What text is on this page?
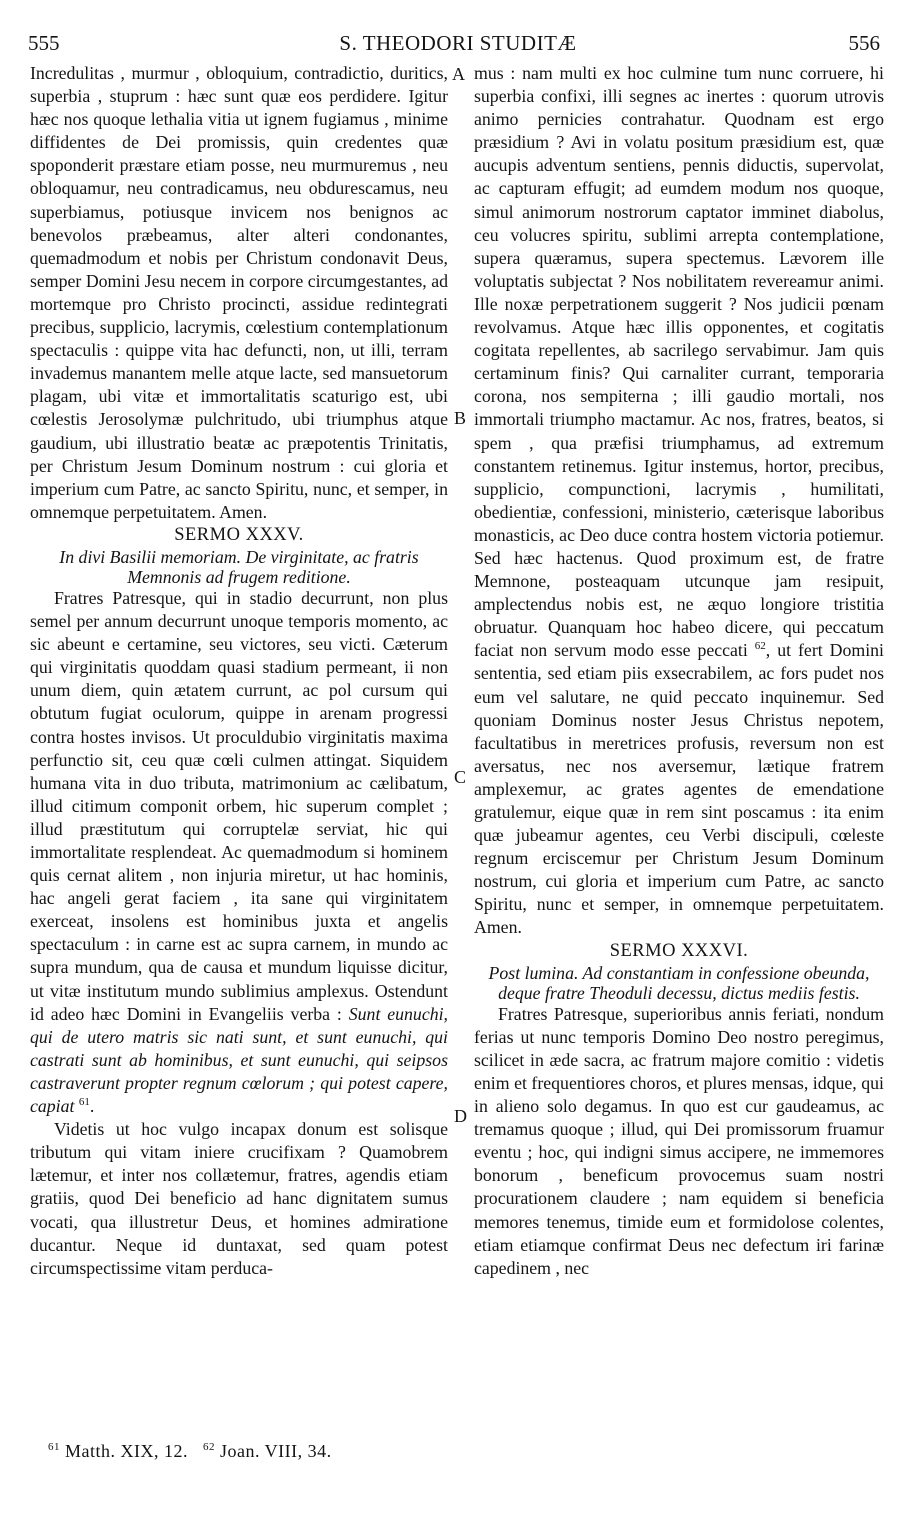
555	S. THEODORI STUDITÆ	556

Incredulitas , murmur , obloquium, contradictio, duritics, superbia , stuprum : hæc sunt quæ eos perdidere. Igitur hæc nos quoque lethalia vitia ut ignem fugiamus , minime diffidentes de Dei promissis, quin credentes quæ spoponderit præstare etiam posse, neu murmuremus , neu obloquamur, neu contradicamus, neu obdurescamus, neu superbiamus, potiusque invicem nos benignos ac benevolos præbeamus, alter alteri condonantes, quemadmodum et nobis per Christum condonavit Deus, semper Domini Jesu necem in corpore circumgestantes, ad mortemque pro Christo procincti, assidue redintegrati precibus, supplicio, lacrymis, cœlestium contemplationum spectaculis : quippe vita hac defuncti, non, ut illi, terram invademus manantem melle atque lacte, sed mansuetorum plagam, ubi vitæ et immortalitatis scaturigo est, ubi cœlestis Jerosolymæ pulchritudo, ubi triumphus atque gaudium, ubi illustratio beatæ ac præpotentis Trinitatis, per Christum Jesum Dominum nostrum : cui gloria et imperium cum Patre, ac sancto Spiritu, nunc, et semper, in omnemque perpetuitatem. Amen.

SERMO XXXV.

In divi Basilii memoriam. De virginitate, ac fratris Memnonis ad frugem reditione.

Fratres Patresque, qui in stadio decurrunt, non plus semel per annum decurrunt unoque temporis momento, ac sic abeunt e certamine, seu victores, seu victi. Cæterum qui virginitatis quoddam quasi stadium permeant, ii non unum diem, quin ætatem currunt, ac pol cursum qui obtutum fugiat oculorum, quippe in arenam progressi contra hostes invisos. Ut proculdubio virginitatis maxima perfunctio sit, ceu quæ cœli culmen attingat. Siquidem humana vita in duo tributa, matrimonium ac cælibatum, illud citimum componit orbem, hic superum complet ; illud præstitutum qui corruptelæ serviat, hic qui immortalitate resplendeat. Ac quemadmodum si hominem quis cernat alitem , non injuria miretur, ut hac hominis, hac angeli gerat faciem , ita sane qui virginitatem exerceat, insolens est hominibus juxta et angelis spectaculum : in carne est ac supra carnem, in mundo ac supra mundum, qua de causa et mundum liquisse dicitur, ut vitæ institutum mundo sublimius amplexus. Ostendunt id adeo hæc Domini in Evangeliis verba : Sunt eunuchi, qui de utero matris sic nati sunt, et sunt eunuchi, qui castrati sunt ab hominibus, et sunt eunuchi, qui seipsos castraverunt propter regnum cœlorum ; qui potest capere, capiat $^{61}$.

Videtis ut hoc vulgo incapax donum est solisque tributum qui vitam iniere crucifixam ? Quamobrem lætemur, et inter nos collætemur, fratres, agendis etiam gratiis, quod Dei beneficio ad hanc dignitatem sumus vocati, qua illustretur Deus, et homines admiratione ducantur. Neque id duntaxat, sed quam potest circumspectissime vitam perduca-

A
B
C
D

mus : nam multi ex hoc culmine tum nunc corruere, hi superbia confixi, illi segnes ac inertes : quorum utrovis animo pernicies contrahatur. Quodnam est ergo præsidium ? Avi in volatu positum præsidium est, quæ aucupis adventum sentiens, pennis diductis, supervolat, ac capturam effugit; ad eumdem modum nos quoque, simul animorum nostrorum captator imminet diabolus, ceu volucres spiritu, sublimi arrepta contemplatione, supera quæramus, supera spectemus. Lævorem ille voluptatis subjectat ? Nos nobilitatem revereamur animi. Ille noxæ perpetrationem suggerit ? Nos judicii pœnam revolvamus. Atque hæc illis opponentes, et cogitatis cogitata repellentes, ab sacrilego servabimur. Jam quis certaminum finis? Qui carnaliter currant, temporaria corona, nos sempiterna ; illi gaudio mortali, nos immortali triumpho mactamur. Ac nos, fratres, beatos, si spem , qua præfisi triumphamus, ad extremum constantem retinemus. Igitur instemus, hortor, precibus, supplicio, compunctioni, lacrymis , humilitati, obedientiæ, confessioni, ministerio, cæterisque laboribus monasticis, ac Deo duce contra hostem victoria potiemur. Sed hæc hactenus. Quod proximum est, de fratre Memnone, posteaquam utcunque jam resipuit, amplectendus nobis est, ne æquo longiore tristitia obruatur. Quanquam hoc habeo dicere, qui peccatum faciat non servum modo esse peccati $^{62}$, ut fert Domini sententia, sed etiam piis exsecrabilem, ac fors pudet nos eum vel salutare, ne quid peccato inquinemur. Sed quoniam Dominus noster Jesus Christus nepotem, facultatibus in meretrices profusis, reversum non est aversatus, nec nos aversemur, lætique fratrem amplexemur, ac grates agentes de emendatione gratulemur, eique quæ in rem sint poscamus : ita enim quæ jubeamur agentes, ceu Verbi discipuli, cœleste regnum erciscemur per Christum Jesum Dominum nostrum, cui gloria et imperium cum Patre, ac sancto Spiritu, nunc et semper, in omnemque perpetuitatem. Amen.

SERMO XXXVI.

Post lumina. Ad constantiam in confessione obeunda, deque fratre Theoduli decessu, dictus mediis festis.

Fratres Patresque, superioribus annis feriati, nondum ferias ut nunc temporis Domino Deo nostro peregimus, scilicet in æde sacra, ac fratrum majore comitio : videtis enim et frequentiores choros, et plures mensas, idque, qui in alieno solo degamus. In quo est cur gaudeamus, ac tremamus quoque ; illud, qui Dei promissorum fruamur eventu ; hoc, qui indigni simus accipere, ne immemores bonorum , beneficum provocemus suam nostri procurationem claudere ; nam equidem si beneficia memores tenemus, timide eum et formidolose colentes, etiam etiamque confirmat Deus nec defectum iri farinæ capedinem , nec

$^{61}$ Matth. XIX, 12. $^{62}$ Joan. VIII, 34.
